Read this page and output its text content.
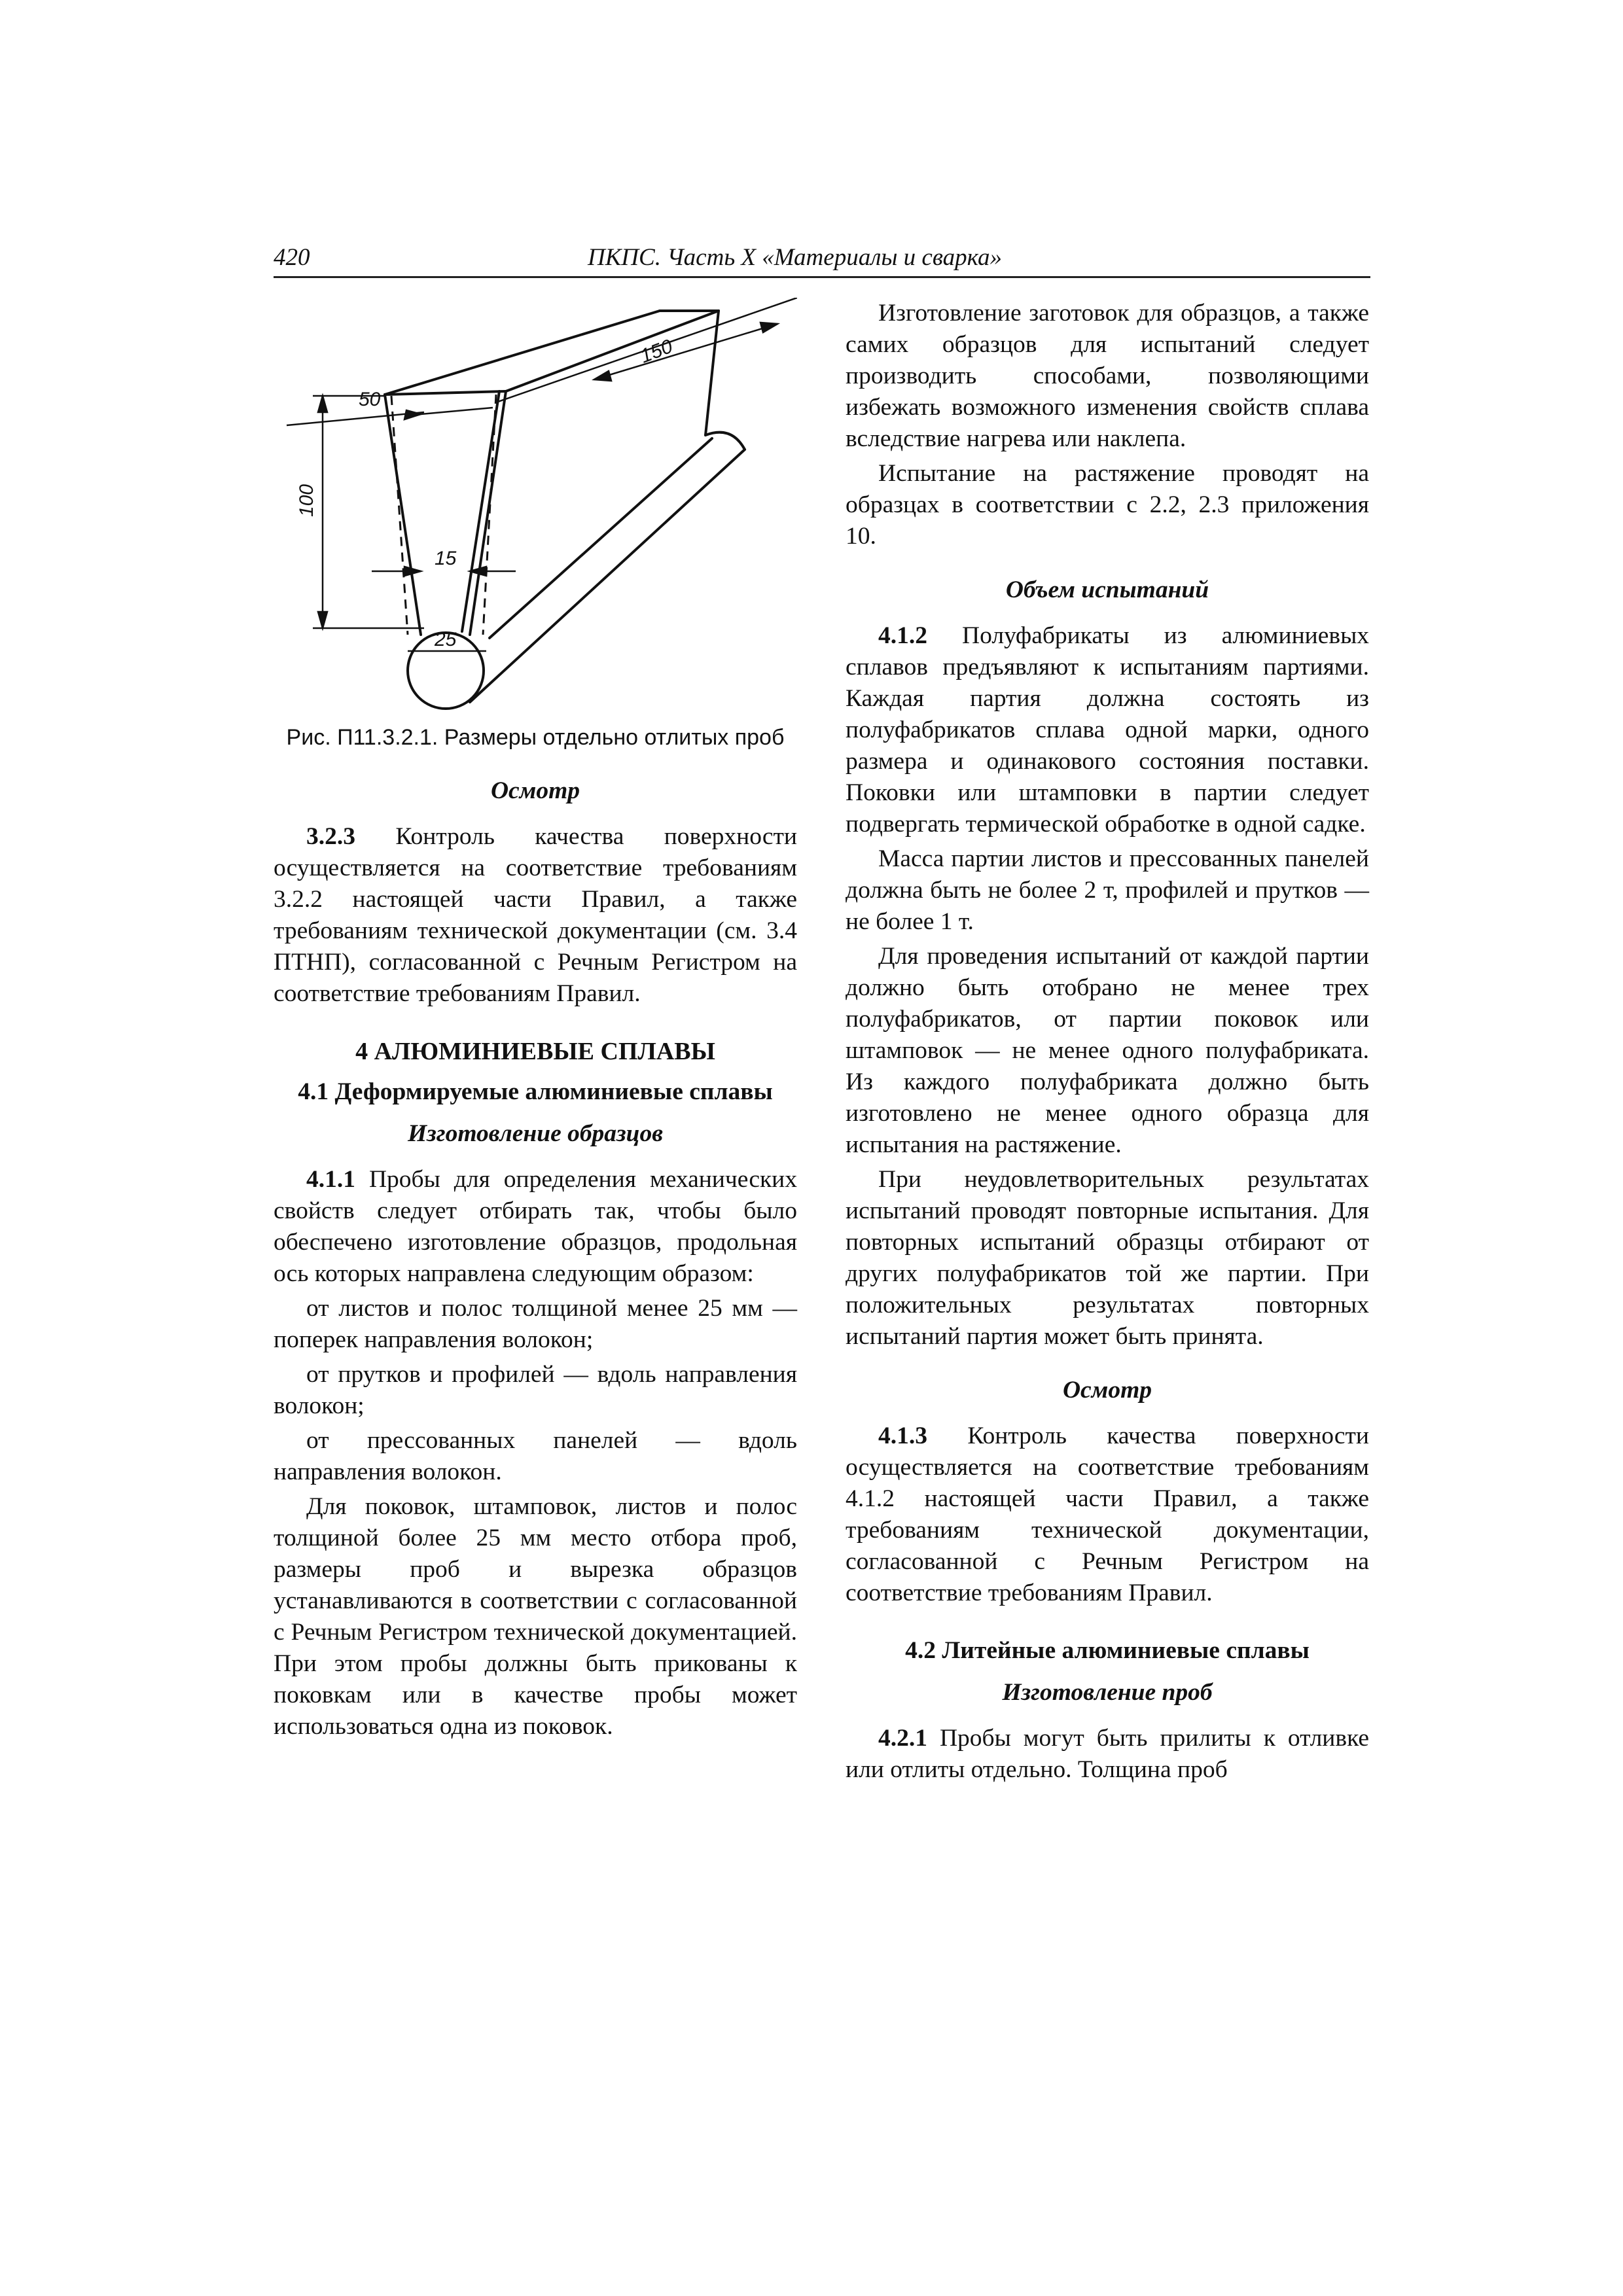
420	ПКПС. Часть Х «Материалы и сварка»
150
50
100
15
25
Рис. П11.3.2.1. Размеры отдельно отлитых проб
Осмотр

3.2.3 Контроль качества поверхности осуществляется на соответствие требованиям 3.2.2 настоящей части Правил, а также требованиям технической документации (см. 3.4 ПТНП), согласованной с Речным Регистром на соответствие требованиям Правил.

4 АЛЮМИНИЕВЫЕ СПЛАВЫ
4.1 Деформируемые алюминиевые сплавы
Изготовление образцов

4.1.1 Пробы для определения механических свойств следует отбирать так, чтобы было обеспечено изготовление образцов, продольная ось которых направлена следующим образом:

от листов и полос толщиной менее 25 мм — поперек направления волокон;

от прутков и профилей — вдоль направления волокон;

от прессованных панелей — вдоль направления волокон.

Для поковок, штамповок, листов и полос толщиной более 25 мм место отбора проб, размеры проб и вырезка образцов устанавливаются в соответствии с согласованной с Речным Регистром технической документацией. При этом пробы должны быть прикованы к поковкам или в качестве пробы может использоваться одна из поковок.

Изготовление заготовок для образцов, а также самих образцов для испытаний следует производить способами, позволяющими избежать возможного изменения свойств сплава вследствие нагрева или наклепа.

Испытание на растяжение проводят на образцах в соответствии с 2.2, 2.3 приложения 10.

Объем испытаний

4.1.2 Полуфабрикаты из алюминиевых сплавов предъявляют к испытаниям партиями. Каждая партия должна состоять из полуфабрикатов сплава одной марки, одного размера и одинакового состояния поставки. Поковки или штамповки в партии следует подвергать термической обработке в одной садке.

Масса партии листов и прессованных панелей должна быть не более 2 т, профилей и прутков — не более 1 т.

Для проведения испытаний от каждой партии должно быть отобрано не менее трех полуфабрикатов, от партии поковок или штамповок — не менее одного полуфабриката. Из каждого полуфабриката должно быть изготовлено не менее одного образца для испытания на растяжение.

При неудовлетворительных результатах испытаний проводят повторные испытания. Для повторных испытаний образцы отбирают от других полуфабрикатов той же партии. При положительных результатах повторных испытаний партия может быть принята.

Осмотр

4.1.3 Контроль качества поверхности осуществляется на соответствие требованиям 4.1.2 настоящей части Правил, а также требованиям технической документации, согласованной с Речным Регистром на соответствие требованиям Правил.

4.2 Литейные алюминиевые сплавы
Изготовление проб

4.2.1 Пробы могут быть прилиты к отливке или отлиты отдельно. Толщина проб
